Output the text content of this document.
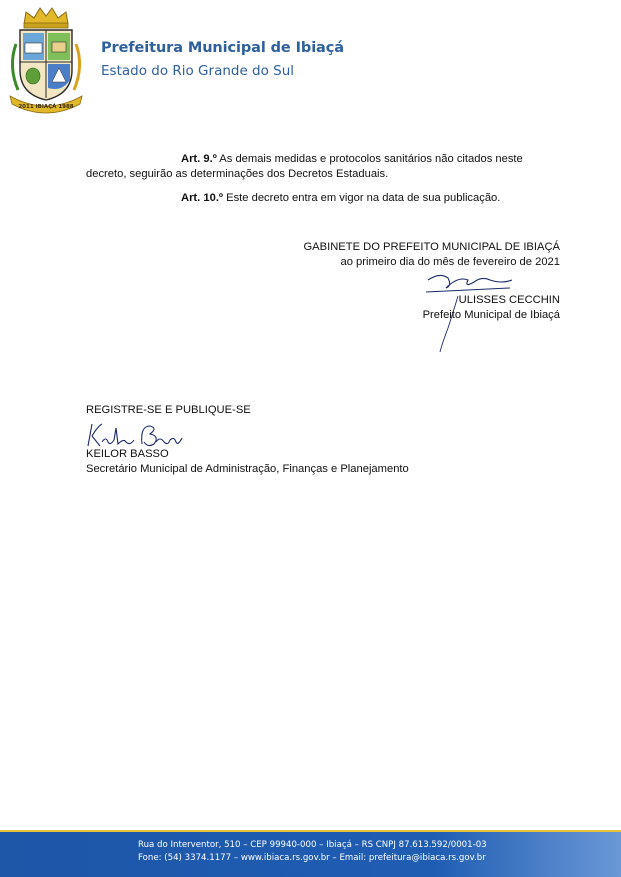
2011 IBIAÇÁ 1988
Prefeitura Municipal de Ibiaçá
Estado do Rio Grande do Sul
Art. 9.º As demais medidas e protocolos sanitários não citados neste
decreto, seguirão as determinações dos Decretos Estaduais.
Art. 10.º Este decreto entra em vigor na data de sua publicação.
GABINETE DO PREFEITO MUNICIPAL DE IBIAÇÁ
ao primeiro dia do mês de fevereiro de 2021
ULISSES CECCHIN
Prefeito Municipal de Ibiaçá
REGISTRE-SE E PUBLIQUE-SE
KEILOR BASSO
Secretário Municipal de Administração, Finanças e Planejamento
Rua do Interventor, 510 – CEP 99940-000 – Ibiaçá – RS CNPJ 87.613.592/0001-03
Fone: (54) 3374.1177 – www.ibiaca.rs.gov.br – Email: prefeitura@ibiaca.rs.gov.br
